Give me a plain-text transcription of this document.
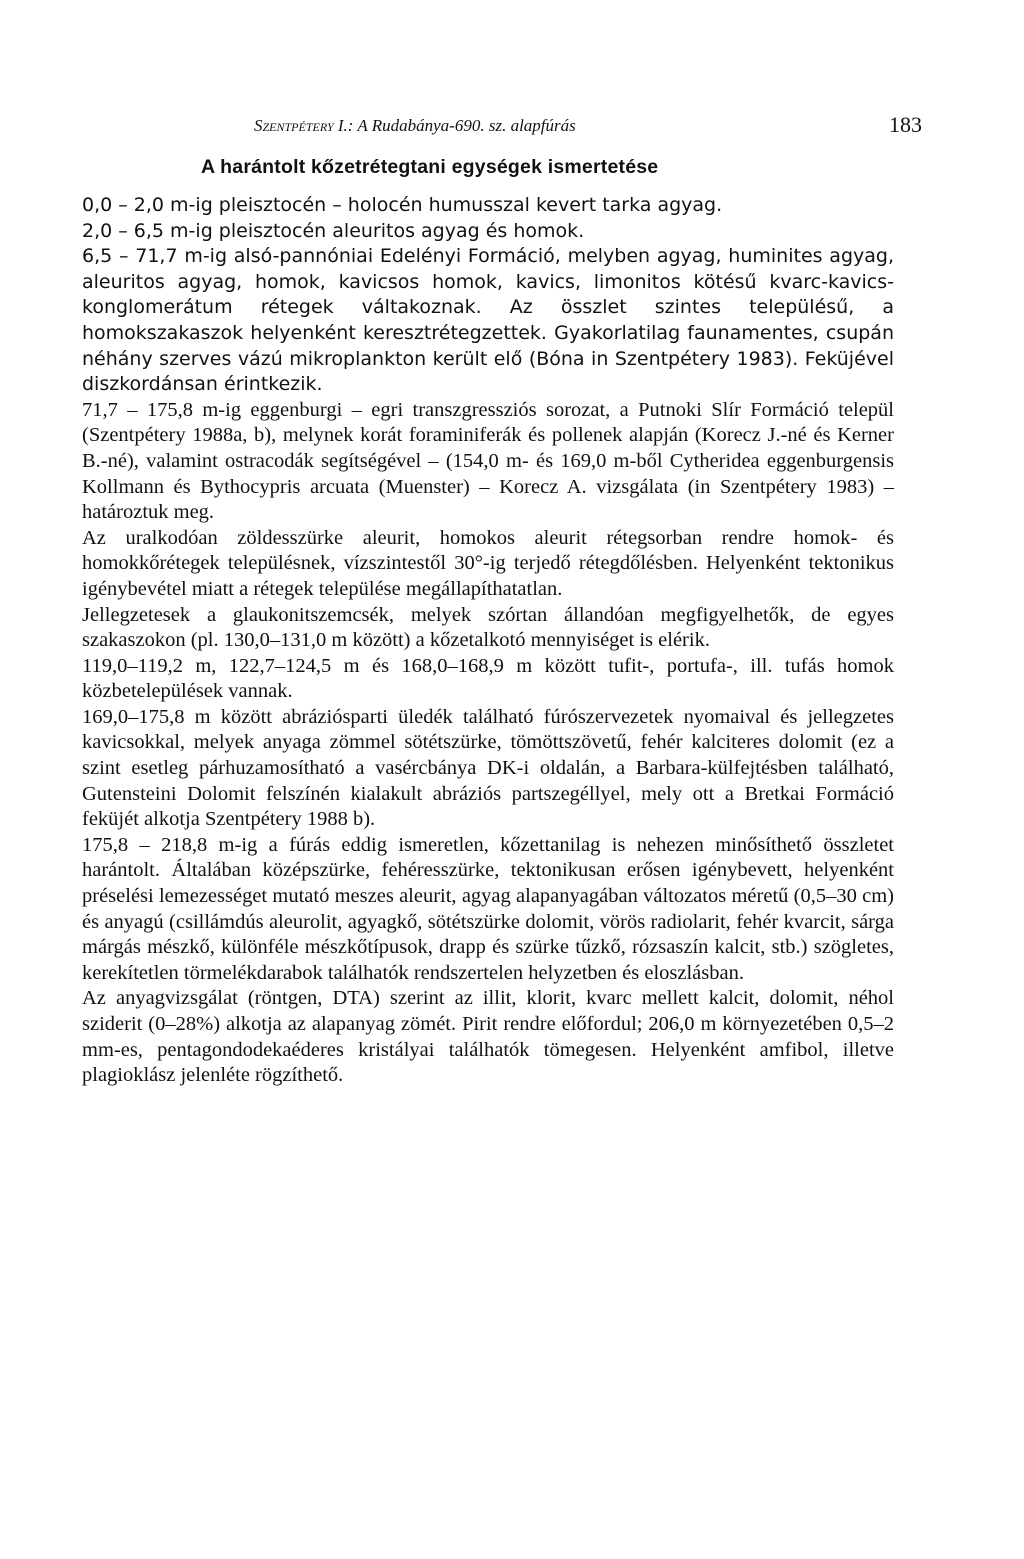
Szentpétery I.: A Rudabánya-690. sz. alapfúrás	183
A harántolt kőzetrétegtani egységek ismertetése

0,0 – 2,0 m-ig pleisztocén – holocén humusszal kevert tarka agyag.

2,0 – 6,5 m-ig pleisztocén aleuritos agyag és homok.

6,5 – 71,7 m-ig alsó-pannóniai Edelényi Formáció, melyben agyag, huminites agyag, aleuritos agyag, homok, kavicsos homok, kavics, limonitos kötésű kvarc-kavics-konglomerátum rétegek váltakoznak. Az összlet szintes településű, a homokszakaszok helyenként keresztrétegzettek. Gyakorlatilag faunamentes, csupán néhány szerves vázú mikroplankton került elő (Bóna in Szentpétery 1983). Feküjével diszkordánsan érintkezik.

71,7 – 175,8 m-ig eggenburgi – egri transzgressziós sorozat, a Putnoki Slír Formáció települ (Szentpétery 1988a, b), melynek korát foraminiferák és pollenek alapján (Korecz J.-né és Kerner B.-né), valamint ostracodák segítségével – (154,0 m- és 169,0 m-ből Cytheridea eggenburgensis Kollmann és Bythocypris arcuata (Muenster) – Korecz A. vizsgálata (in Szentpétery 1983) – határoztuk meg.

Az uralkodóan zöldesszürke aleurit, homokos aleurit rétegsorban rendre homok- és homokkőrétegek településnek, vízszintestől 30°-ig terjedő rétegdőlésben. Helyenként tektonikus igénybevétel miatt a rétegek települése megállapíthatatlan.

Jellegzetesek a glaukonitszemcsék, melyek szórtan állandóan megfigyelhetők, de egyes szakaszokon (pl. 130,0–131,0 m között) a kőzetalkotó mennyiséget is elérik.

119,0–119,2 m, 122,7–124,5 m és 168,0–168,9 m között tufit-, portufa-, ill. tufás homok közbetelepülések vannak.

169,0–175,8 m között abráziósparti üledék található fúrószervezetek nyomaival és jellegzetes kavicsokkal, melyek anyaga zömmel sötétszürke, tömöttszövetű, fehér kalciteres dolomit (ez a szint esetleg párhuzamosítható a vasércbánya DK-i oldalán, a Barbara-külfejtésben található, Gutensteini Dolomit felszínén kialakult abráziós partszegéllyel, mely ott a Bretkai Formáció feküjét alkotja Szentpétery 1988 b).

175,8 – 218,8 m-ig a fúrás eddig ismeretlen, kőzettanilag is nehezen minősíthető összletet harántolt. Általában középszürke, fehéresszürke, tektonikusan erősen igénybevett, helyenként préselési lemezességet mutató meszes aleurit, agyag alapanyagában változatos méretű (0,5–30 cm) és anyagú (csillámdús aleurolit, agyagkő, sötétszürke dolomit, vörös radiolarit, fehér kvarcit, sárga márgás mészkő, különféle mészkőtípusok, drapp és szürke tűzkő, rózsaszín kalcit, stb.) szögletes, kerekítetlen törmelékdarabok találhatók rendszertelen helyzetben és eloszlásban.

Az anyagvizsgálat (röntgen, DTA) szerint az illit, klorit, kvarc mellett kalcit, dolomit, néhol sziderit (0–28%) alkotja az alapanyag zömét. Pirit rendre előfordul; 206,0 m környezetében 0,5–2 mm-es, pentagondodekaéderes kristályai találhatók tömegesen. Helyenként amfibol, illetve plagioklász jelenléte rögzíthető.
